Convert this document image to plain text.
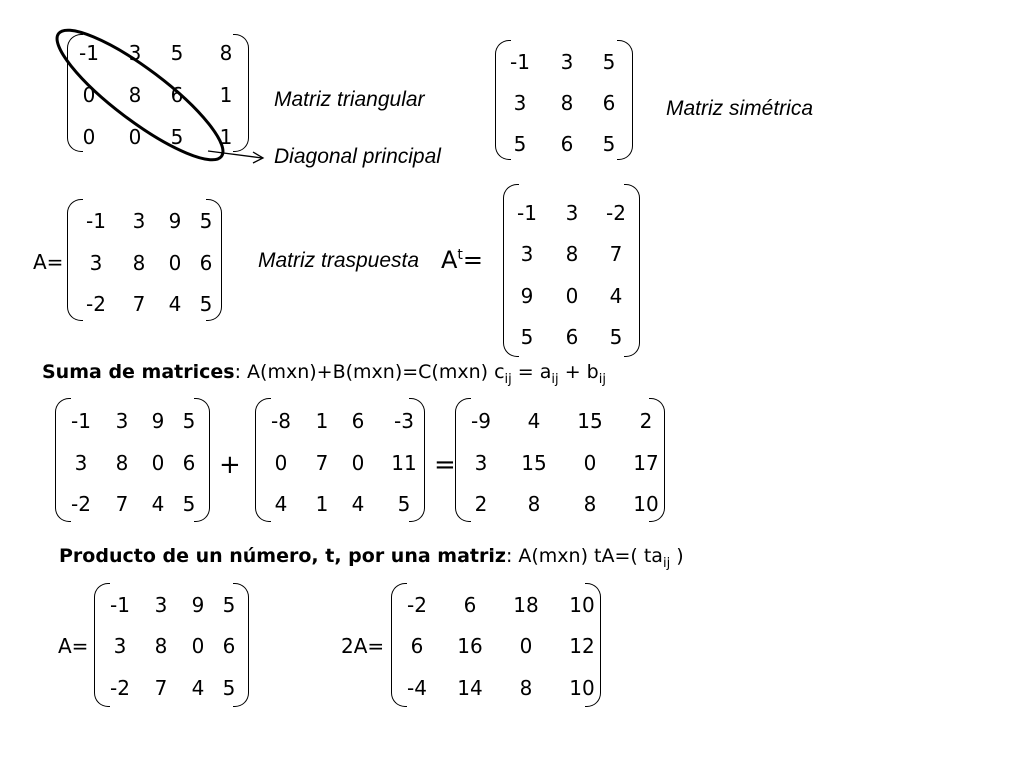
-1 3 5 8
0 8 6 1
0 0 5 1
-1 3 5
3 8 6
5 6 5
-1 3 9 5
3 8 0 6
-2 7 4 5
-1 3 -2
3 8 7
9 0 4
5 6 5
-1 3 9 5
3 8 0 6
-2 7 4 5
-8 1 6 -3
0 7 0 11
4 1 4 5
-9 4 15 2
3 15 0 17
2 8 8 10
-1 3 9 5
3 8 0 6
-2 7 4 5
-2 6 18 10
6 16 0 12
-4 14 8 10
Matriz triangular
Diagonal principal
Matriz simétrica
Matriz traspuesta
A=	$A^t=$
Suma de matrices: A(mxn)+B(mxn)=C(mxn) $c_{ij} = a_{ij} + b_{ij}$
+	=
Producto de un número, t, por una matriz: A(mxn) tA=( $ta_{ij}$ )
A=	2A=
